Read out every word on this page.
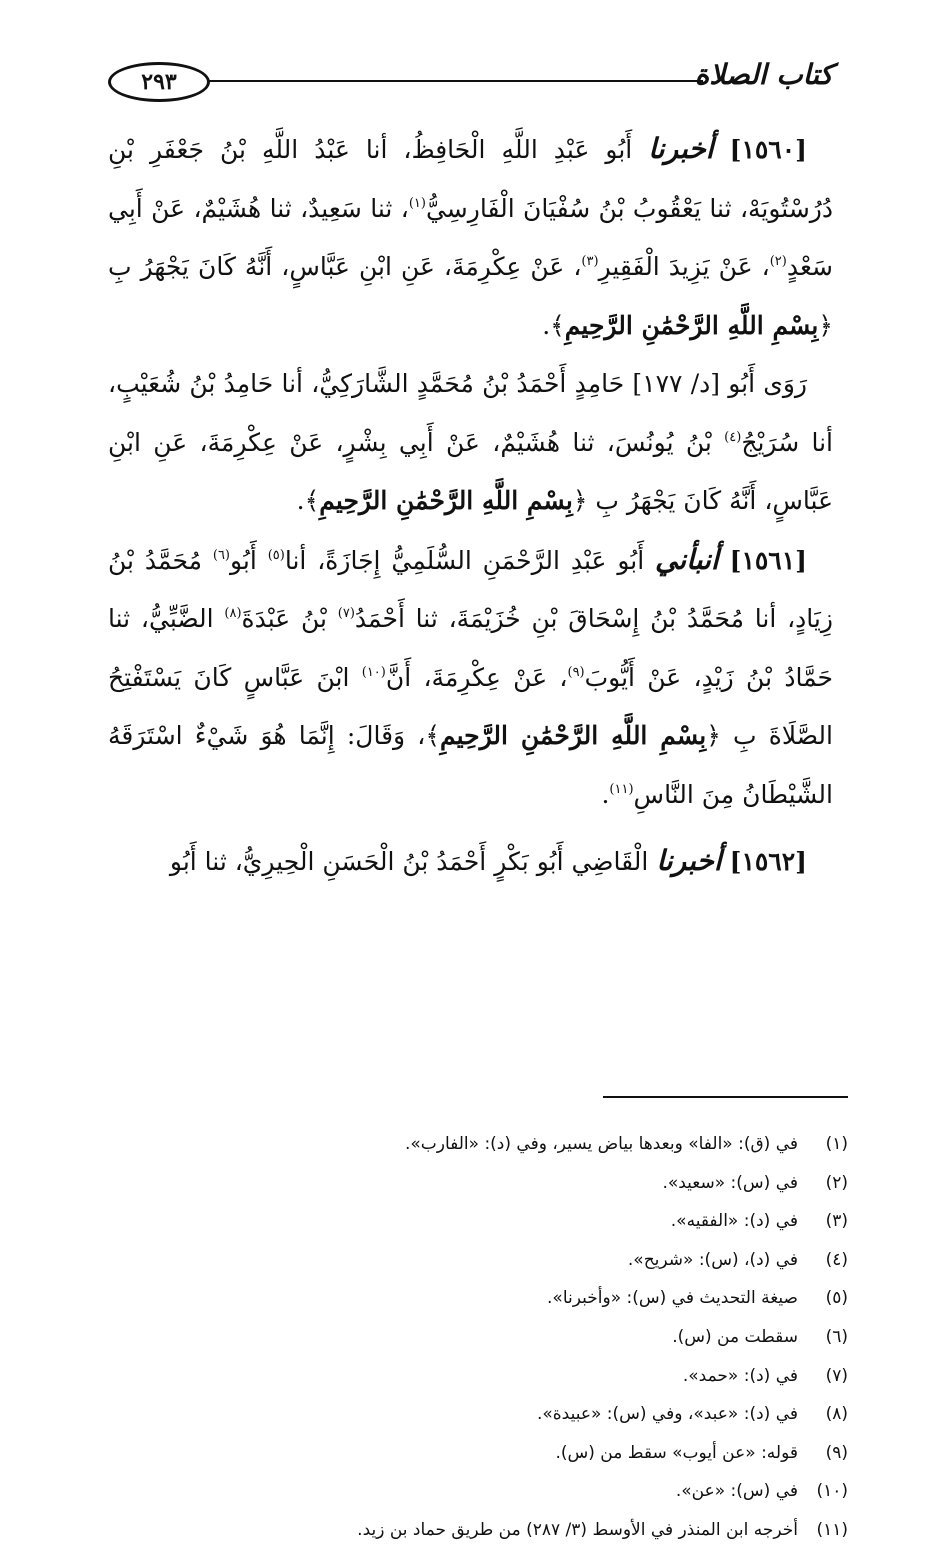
٢٩٣	كتاب الصلاة

[١٥٦٠] أخبرنا أَبُو عَبْدِ اللَّهِ الْحَافِظُ، أنا عَبْدُ اللَّهِ بْنُ جَعْفَرِ بْنِ دُرُسْتُويَهْ، ثنا يَعْقُوبُ بْنُ سُفْيَانَ الْفَارِسِيُّ$^{(١)}$، ثنا سَعِيدٌ، ثنا هُشَيْمٌ، عَنْ أَبِي سَعْدٍ$^{(٢)}$، عَنْ يَزِيدَ الْفَقِيرِ$^{(٣)}$، عَنْ عِكْرِمَةَ، عَنِ ابْنِ عَبَّاسٍ، أَنَّهُ كَانَ يَجْهَرُ بِ ﴿بِسْمِ اللَّهِ الرَّحْمَٰنِ الرَّحِيمِ﴾.

رَوَى أَبُو [د/ ١٧٧] حَامِدٍ أَحْمَدُ بْنُ مُحَمَّدٍ الشَّارَكِيُّ، أنا حَامِدُ بْنُ شُعَيْبٍ، أنا سُرَيْجُ$^{(٤)}$ بْنُ يُونُسَ، ثنا هُشَيْمٌ، عَنْ أَبِي بِشْرٍ، عَنْ عِكْرِمَةَ، عَنِ ابْنِ عَبَّاسٍ، أَنَّهُ كَانَ يَجْهَرُ بِ ﴿بِسْمِ اللَّهِ الرَّحْمَٰنِ الرَّحِيمِ﴾.

[١٥٦١] أنبأني أَبُو عَبْدِ الرَّحْمَنِ السُّلَمِيُّ إِجَازَةً، أنا$^{(٥)}$ أَبُو$^{(٦)}$ مُحَمَّدُ بْنُ زِيَادٍ، أنا مُحَمَّدُ بْنُ إِسْحَاقَ بْنِ خُزَيْمَةَ، ثنا أَحْمَدُ$^{(٧)}$ بْنُ عَبْدَةَ$^{(٨)}$ الضَّبِّيُّ، ثنا حَمَّادُ بْنُ زَيْدٍ، عَنْ أَيُّوبَ$^{(٩)}$، عَنْ عِكْرِمَةَ، أَنَّ$^{(١٠)}$ ابْنَ عَبَّاسٍ كَانَ يَسْتَفْتِحُ الصَّلَاةَ بِ ﴿بِسْمِ اللَّهِ الرَّحْمَٰنِ الرَّحِيمِ﴾، وَقَالَ: إِنَّمَا هُوَ شَيْءٌ اسْتَرَقَهُ الشَّيْطَانُ مِنَ النَّاسِ$^{(١١)}$.

[١٥٦٢] أخبرنا الْقَاضِي أَبُو بَكْرٍ أَحْمَدُ بْنُ الْحَسَنِ الْحِيرِيُّ، ثنا أَبُو

(١)في (ق): «الفا» وبعدها بياض يسير، وفي (د): «الفارب».
(٢)في (س): «سعيد».
(٣)في (د): «الفقيه».
(٤)في (د)، (س): «شريح».
(٥)صيغة التحديث في (س): «وأخبرنا».
(٦)سقطت من (س).
(٧)في (د): «حمد».
(٨)في (د): «عبد»، وفي (س): «عبيدة».
(٩)قوله: «عن أيوب» سقط من (س).
(١٠)في (س): «عن».
(١١)أخرجه ابن المنذر في الأوسط (٣/ ٢٨٧) من طريق حماد بن زيد.
